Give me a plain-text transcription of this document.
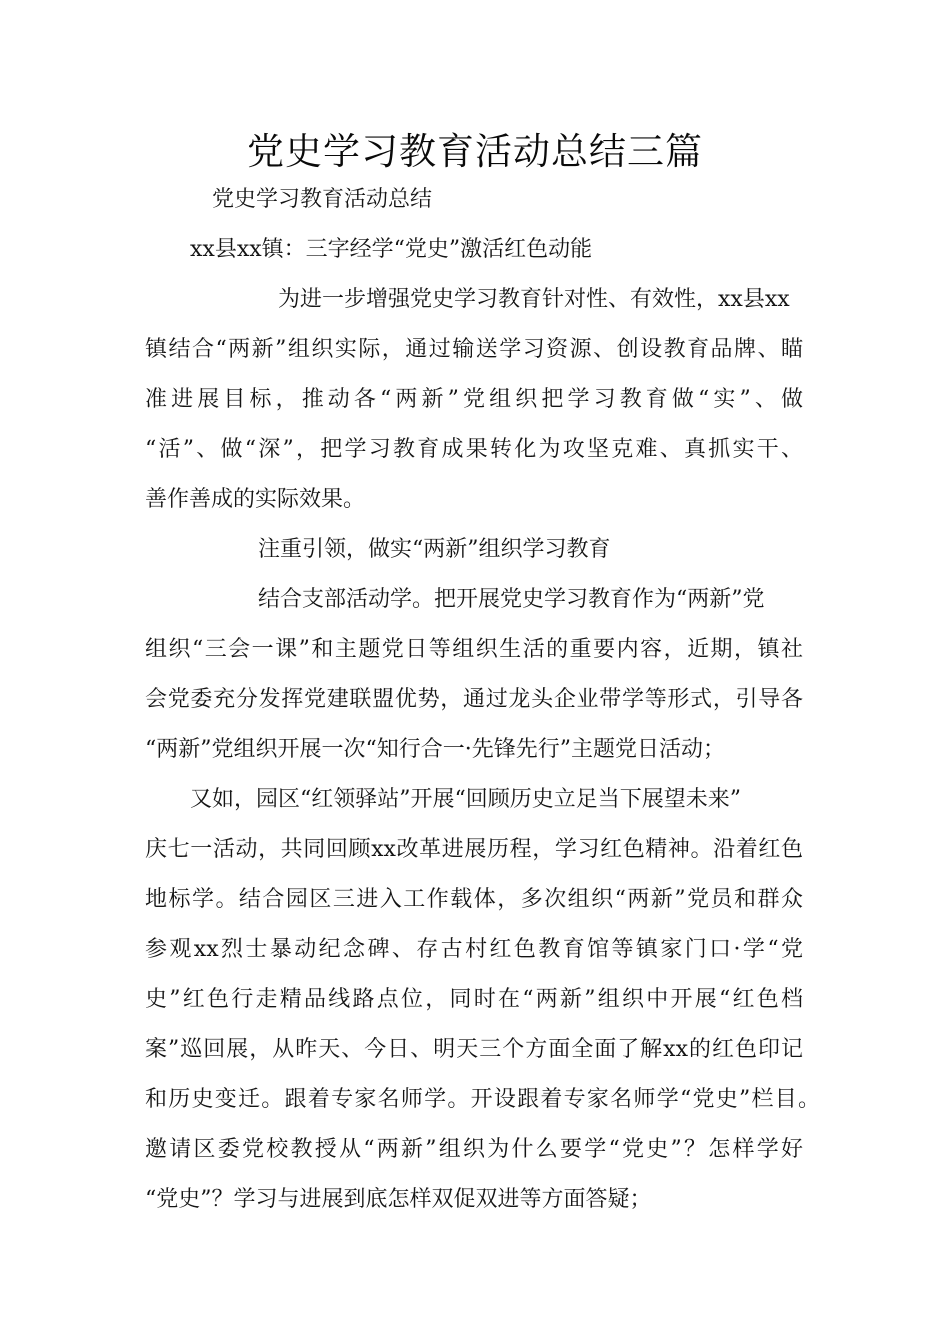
党史学习教育活动总结三篇
党史学习教育活动总结
xx县xx镇：三字经学“党史”激活红色动能
为进一步增强党史学习教育针对性、有效性，xx县xx
镇结合“两新”组织实际，通过输送学习资源、创设教育品牌、瞄
准进展目标，推动各“两新”党组织把学习教育做“实”、做
“活”、做“深”，把学习教育成果转化为攻坚克难、真抓实干、
善作善成的实际效果。
注重引领，做实“两新”组织学习教育
结合支部活动学。把开展党史学习教育作为“两新”党
组织“三会一课”和主题党日等组织生活的重要内容，近期，镇社
会党委充分发挥党建联盟优势，通过龙头企业带学等形式，引导各
“两新”党组织开展一次“知行合一·先锋先行”主题党日活动；
又如，园区“红领驿站”开展“回顾历史立足当下展望未来”
庆七一活动，共同回顾xx改革进展历程，学习红色精神。沿着红色
地标学。结合园区三进入工作载体，多次组织“两新”党员和群众
参观xx烈士暴动纪念碑、存古村红色教育馆等镇家门口·学“党
史”红色行走精品线路点位，同时在“两新”组织中开展“红色档
案”巡回展，从昨天、今日、明天三个方面全面了解xx的红色印记
和历史变迁。跟着专家名师学。开设跟着专家名师学“党史”栏目。
邀请区委党校教授从“两新”组织为什么要学“党史”？怎样学好
“党史”？学习与进展到底怎样双促双进等方面答疑；
